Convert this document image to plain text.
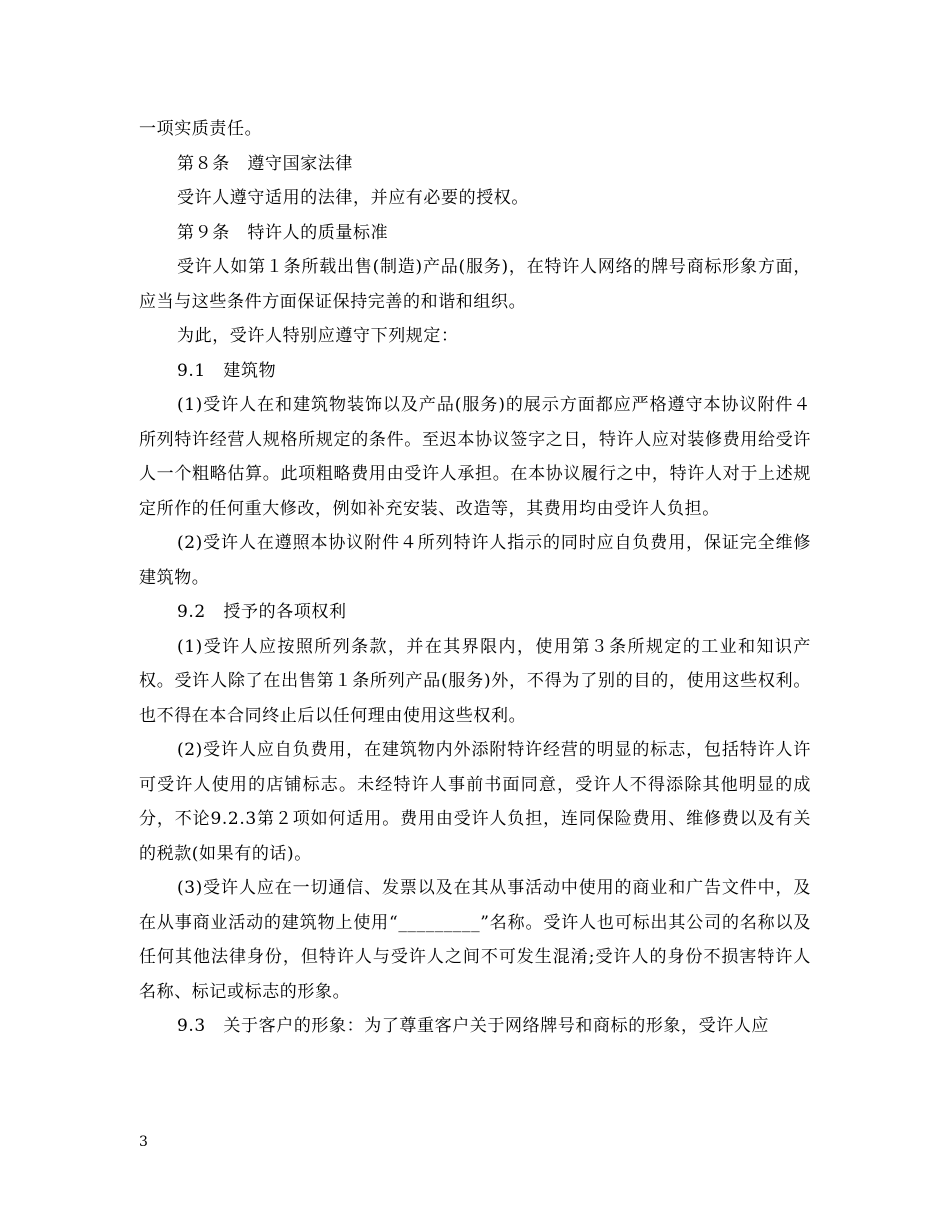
一项实质责任。

第８条　遵守国家法律

受许人遵守适用的法律，并应有必要的授权。

第９条　特许人的质量标准

受许人如第１条所载出售(制造)产品(服务)，在特许人网络的牌号商标形象方面，应当与这些条件方面保证保持完善的和谐和组织。

为此，受许人特别应遵守下列规定：

9.1　建筑物

(1)受许人在和建筑物装饰以及产品(服务)的展示方面都应严格遵守本协议附件４所列特许经营人规格所规定的条件。至迟本协议签字之日，特许人应对装修费用给受许人一个粗略估算。此项粗略费用由受许人承担。在本协议履行之中，特许人对于上述规定所作的任何重大修改，例如补充安装、改造等，其费用均由受许人负担。

(2)受许人在遵照本协议附件４所列特许人指示的同时应自负费用，保证完全维修建筑物。

9.2　授予的各项权利

(1)受许人应按照所列条款，并在其界限内，使用第３条所规定的工业和知识产权。受许人除了在出售第１条所列产品(服务)外，不得为了别的目的，使用这些权利。也不得在本合同终止后以任何理由使用这些权利。

(2)受许人应自负费用，在建筑物内外添附特许经营的明显的标志，包括特许人许可受许人使用的店铺标志。未经特许人事前书面同意，受许人不得添除其他明显的成分，不论9.2.3第２项如何适用。费用由受许人负担，连同保险费用、维修费以及有关的税款(如果有的话)。

(3)受许人应在一切通信、发票以及在其从事活动中使用的商业和广告文件中，及在从事商业活动的建筑物上使用“_________”名称。受许人也可标出其公司的名称以及任何其他法律身份，但特许人与受许人之间不可发生混淆;受许人的身份不损害特许人名称、标记或标志的形象。

9.3　关于客户的形象：为了尊重客户关于网络牌号和商标的形象，受许人应

3
